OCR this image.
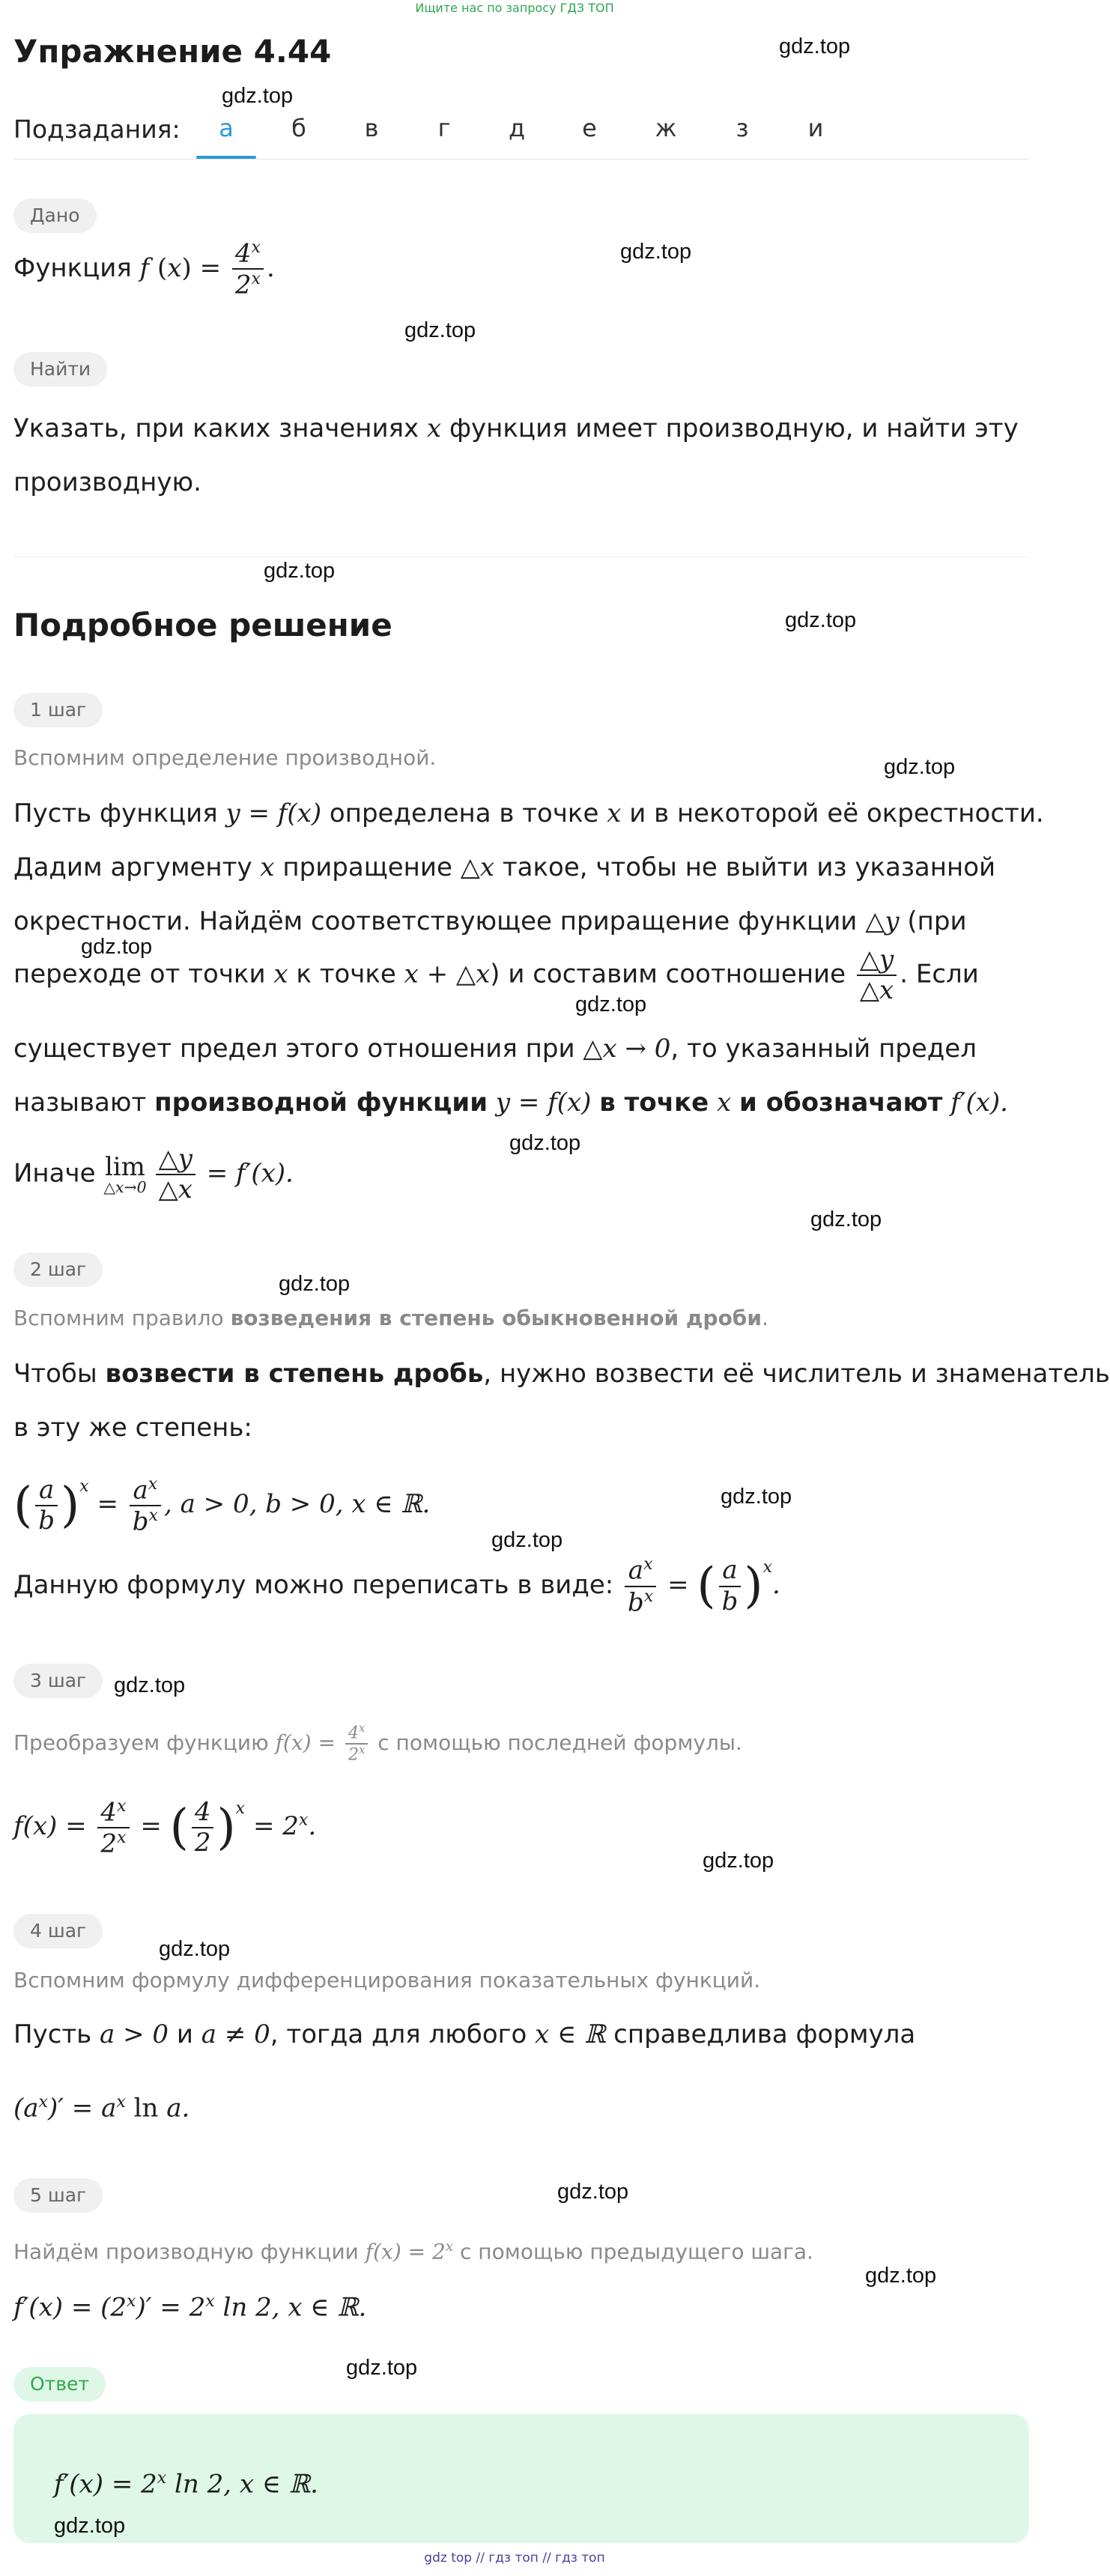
Ищите нас по запросу ГДЗ ТОП
Упражнение 4.44	gdz.top
gdz.top
Подзадания:	а	б	в	г	д	е	ж	з	и
Дано
gdz.top
Функция f $(x) = \frac{4^x}{2^x}$ .
gdz.top
Найти
Указать, при каких значениях x функция имеет производную, и найти эту
производную.
gdz.top
Подробное решение	gdz.top
1 шаг
Вспомним определение производной.	gdz.top
Пусть функция y = f(x) определена в точке x и в некоторой её окрестности.
Дадим аргументу x приращение △x такое, чтобы не выйти из указанной
окрестности. Найдём соответствующее приращение функции △y (при
gdz.top
переходе от точки x к точке x + △x) и составим соотношение $\frac{\triangle y}{\triangle x}$ . Если
gdz.top
существует предел этого отношения при △x → 0, то указанный предел
называют производной функции y = f(x) в точке x и обозначают f′(x).
gdz.top
Иначе lim
△x→0 $\frac{\triangle y}{\triangle x} = f'(x)$.
gdz.top
2 шаг
gdz.top
Вспомним правило возведения в степень обыкновенной дроби.
Чтобы возвести в степень дробь, нужно возвести её числитель и знаменатель
в эту же степень:
( $\frac{a}{b} )^x = \frac{a^x}{b^x}$ , a > 0, b > 0, x ∈ ℝ.	gdz.top
gdz.top
Данную формулу можно переписать в виде: $\frac{a^x}{b^x}$ = ( $\frac{a}{b} )^x$.
3 шаг	gdz.top
Преобразуем функцию $f(x) = \frac{4^x}{2^x}$ с помощью последней формулы.
$f(x) = \frac{4^x}{2^x}$ = ( $\frac{4}{2} )^x = 2^x$.
gdz.top
4 шаг
gdz.top
Вспомним формулу дифференцирования показательных функций.
Пусть a > 0 и a ≠ 0, тогда для любого x ∈ ℝ справедлива формула
$(a^x)' = a^x$ ln a.
5 шаг	gdz.top
Найдём производную функции $f(x) = 2^x$ с помощью предыдущего шага.
gdz.top
$f'(x) = (2^x)' = 2^x$ ln 2, x ∈ ℝ.
Ответ
gdz.top
$f'(x) = 2^x$ ln 2, x ∈ ℝ.
gdz.top
gdz top // гдз топ // гдз топ
